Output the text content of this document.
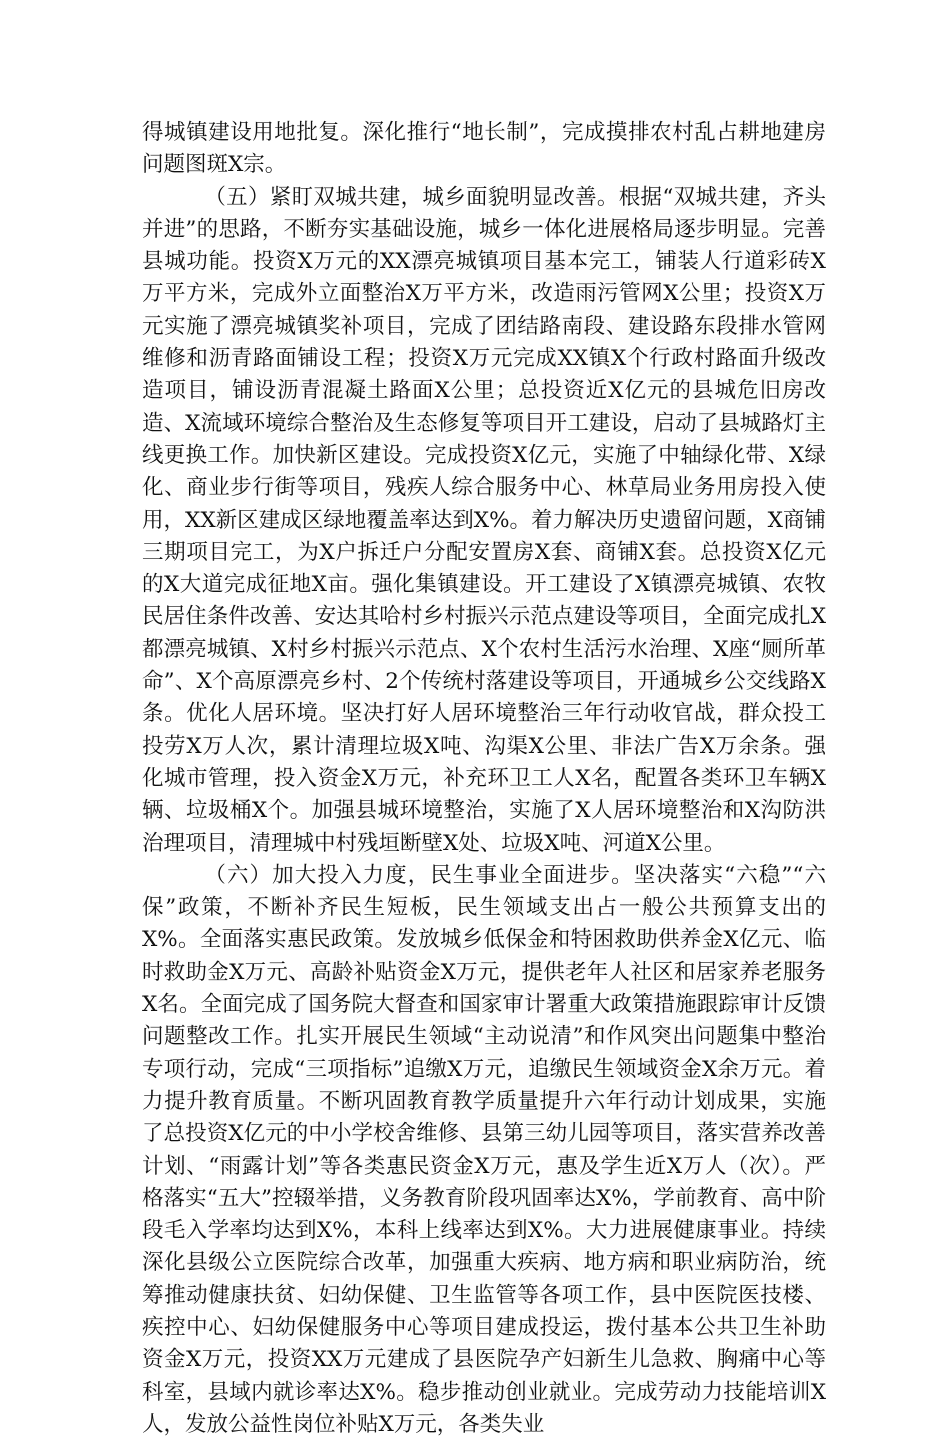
得城镇建设用地批复。深化推行“地长制”，完成摸排农村乱占耕地建房问题图斑X宗。

（五）紧盯双城共建，城乡面貌明显改善。根据“双城共建，齐头并进”的思路，不断夯实基础设施，城乡一体化进展格局逐步明显。完善县城功能。投资X万元的XX漂亮城镇项目基本完工，铺装人行道彩砖X万平方米，完成外立面整治X万平方米，改造雨污管网X公里；投资X万元实施了漂亮城镇奖补项目，完成了团结路南段、建设路东段排水管网维修和沥青路面铺设工程；投资X万元完成XX镇X个行政村路面升级改造项目，铺设沥青混凝土路面X公里；总投资近X亿元的县城危旧房改造、X流域环境综合整治及生态修复等项目开工建设，启动了县城路灯主线更换工作。加快新区建设。完成投资X亿元，实施了中轴绿化带、X绿化、商业步行街等项目，残疾人综合服务中心、林草局业务用房投入使用，XX新区建成区绿地覆盖率达到X%。着力解决历史遗留问题，X商铺三期项目完工，为X户拆迁户分配安置房X套、商铺X套。总投资X亿元的X大道完成征地X亩。强化集镇建设。开工建设了X镇漂亮城镇、农牧民居住条件改善、安达其哈村乡村振兴示范点建设等项目，全面完成扎X都漂亮城镇、X村乡村振兴示范点、X个农村生活污水治理、X座“厕所革命”、X个高原漂亮乡村、2个传统村落建设等项目，开通城乡公交线路X条。优化人居环境。坚决打好人居环境整治三年行动收官战，群众投工投劳X万人次，累计清理垃圾X吨、沟渠X公里、非法广告X万余条。强化城市管理，投入资金X万元，补充环卫工人X名，配置各类环卫车辆X辆、垃圾桶X个。加强县城环境整治，实施了X人居环境整治和X沟防洪治理项目，清理城中村残垣断壁X处、垃圾X吨、河道X公里。

（六）加大投入力度，民生事业全面进步。坚决落实“六稳”“六保”政策，不断补齐民生短板，民生领域支出占一般公共预算支出的X%。全面落实惠民政策。发放城乡低保金和特困救助供养金X亿元、临时救助金X万元、高龄补贴资金X万元，提供老年人社区和居家养老服务X名。全面完成了国务院大督查和国家审计署重大政策措施跟踪审计反馈问题整改工作。扎实开展民生领域“主动说清”和作风突出问题集中整治专项行动，完成“三项指标”追缴X万元，追缴民生领域资金X余万元。着力提升教育质量。不断巩固教育教学质量提升六年行动计划成果，实施了总投资X亿元的中小学校舍维修、县第三幼儿园等项目，落实营养改善计划、“雨露计划”等各类惠民资金X万元，惠及学生近X万人（次）。严格落实“五大”控辍举措，义务教育阶段巩固率达X%，学前教育、高中阶段毛入学率均达到X%，本科上线率达到X%。大力进展健康事业。持续深化县级公立医院综合改革，加强重大疾病、地方病和职业病防治，统筹推动健康扶贫、妇幼保健、卫生监管等各项工作，县中医院医技楼、疾控中心、妇幼保健服务中心等项目建成投运，拨付基本公共卫生补助资金X万元，投资XX万元建成了县医院孕产妇新生儿急救、胸痛中心等科室，县域内就诊率达X%。稳步推动创业就业。完成劳动力技能培训X人，发放公益性岗位补贴X万元，各类失业
